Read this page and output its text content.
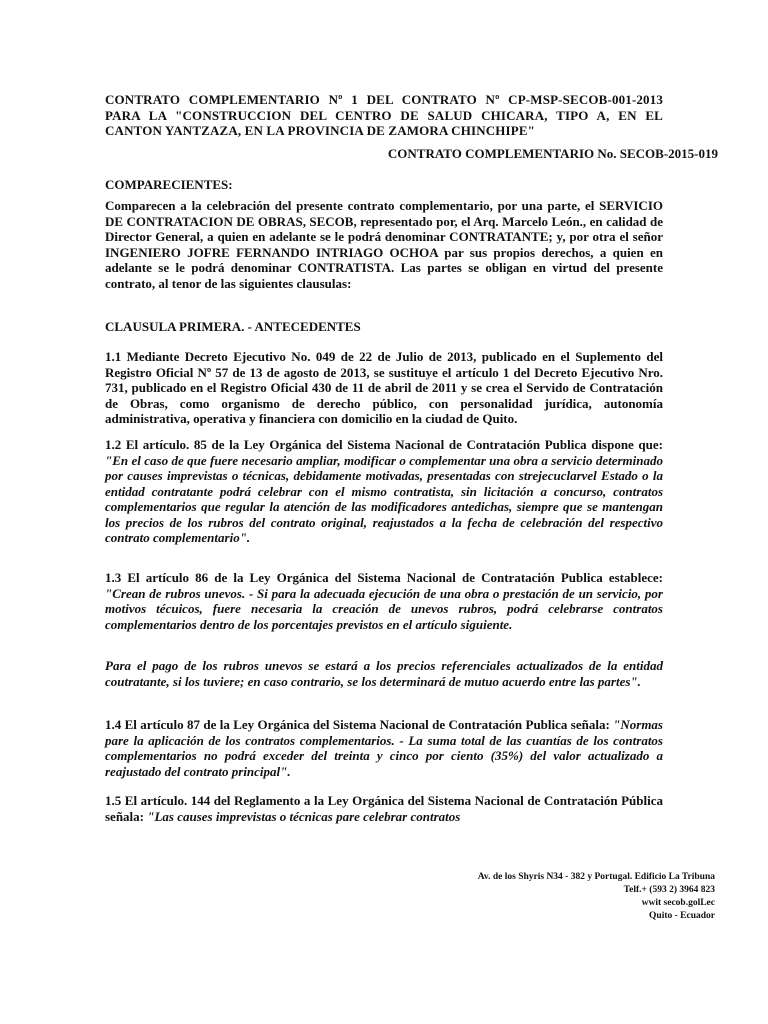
CONTRATO COMPLEMENTARIO Nº 1 DEL CONTRATO Nº CP-MSP-SECOB-001-2013 PARA LA "CONSTRUCCION DEL CENTRO DE SALUD CHICARA, TIPO A, EN EL CANTON YANTZAZA, EN LA PROVINCIA DE ZAMORA CHINCHIPE"

CONTRATO COMPLEMENTARIO No. SECOB-2015-019

COMPARECIENTES:

Comparecen a la celebración del presente contrato complementario, por una parte, el SERVICIO DE CONTRATACION DE OBRAS, SECOB, representado por, el Arq. Marcelo León., en calidad de Director General, a quien en adelante se le podrá denominar CONTRATANTE; y, por otra el señor INGENIERO JOFRE FERNANDO INTRIAGO OCHOA par sus propios derechos, a quien en adelante se le podrá denominar CONTRATISTA. Las partes se obligan en virtud del presente contrato, al tenor de las siguientes clausulas:

CLAUSULA PRIMERA. - ANTECEDENTES

1.1 Mediante Decreto Ejecutivo No. 049 de 22 de Julio de 2013, publicado en el Suplemento del Registro Oficial Nº 57 de 13 de agosto de 2013, se sustituye el artículo 1 del Decreto Ejecutivo Nro. 731, publicado en el Registro Oficial 430 de 11 de abril de 2011 y se crea el Servido de Contratación de Obras, como organismo de derecho público, con personalidad jurídica, autonomía administrativa, operativa y financiera con domicilio en la ciudad de Quito.

1.2 El artículo. 85 de la Ley Orgánica del Sistema Nacional de Contratación Publica dispone que: "En el caso de que fuere necesario ampliar, modificar o complementar una obra a servicio determinado por causes imprevistas o técnicas, debidamente motivadas, presentadas con strejecuclarvel Estado o la entidad contratante podrá celebrar con el mismo contratista, sin licitación a concurso, contratos complementarios que regular la atención de las modificadores antedichas, siempre que se mantengan los precios de los rubros del contrato original, reajustados a la fecha de celebración del respectivo contrato complementario".

1.3 El artículo 86 de la Ley Orgánica del Sistema Nacional de Contratación Publica establece: "Crean de rubros unevos. - Si para la adecuada ejecución de una obra o prestación de un servicio, por motivos técuicos, fuere necesaria la creación de unevos rubros, podrá celebrarse contratos complementarios dentro de los porcentajes previstos en el artículo siguiente.

Para el pago de los rubros unevos se estará a los precios referenciales actualizados de la entidad coutratante, si los tuviere; en caso contrario, se los determinará de mutuo acuerdo entre las partes".

1.4 El artículo 87 de la Ley Orgánica del Sistema Nacional de Contratación Publica señala: "Normas pare la aplicación de los contratos complementarios. - La suma total de las cuantías de los contratos complementarios no podrá exceder del treinta y cinco por ciento (35%) del valor actualizado a reajustado del contrato principal".

1.5 El artículo. 144 del Reglamento a la Ley Orgánica del Sistema Nacional de Contratación Pública señala: "Las causes imprevistas o técnicas pare celebrar contratos

Av. de los Shyris N34 - 382 y Portugal. Edificio La Tribuna
Telf.+ (593 2) 3964 823
wwit secob.golLec
Quito - Ecuador
